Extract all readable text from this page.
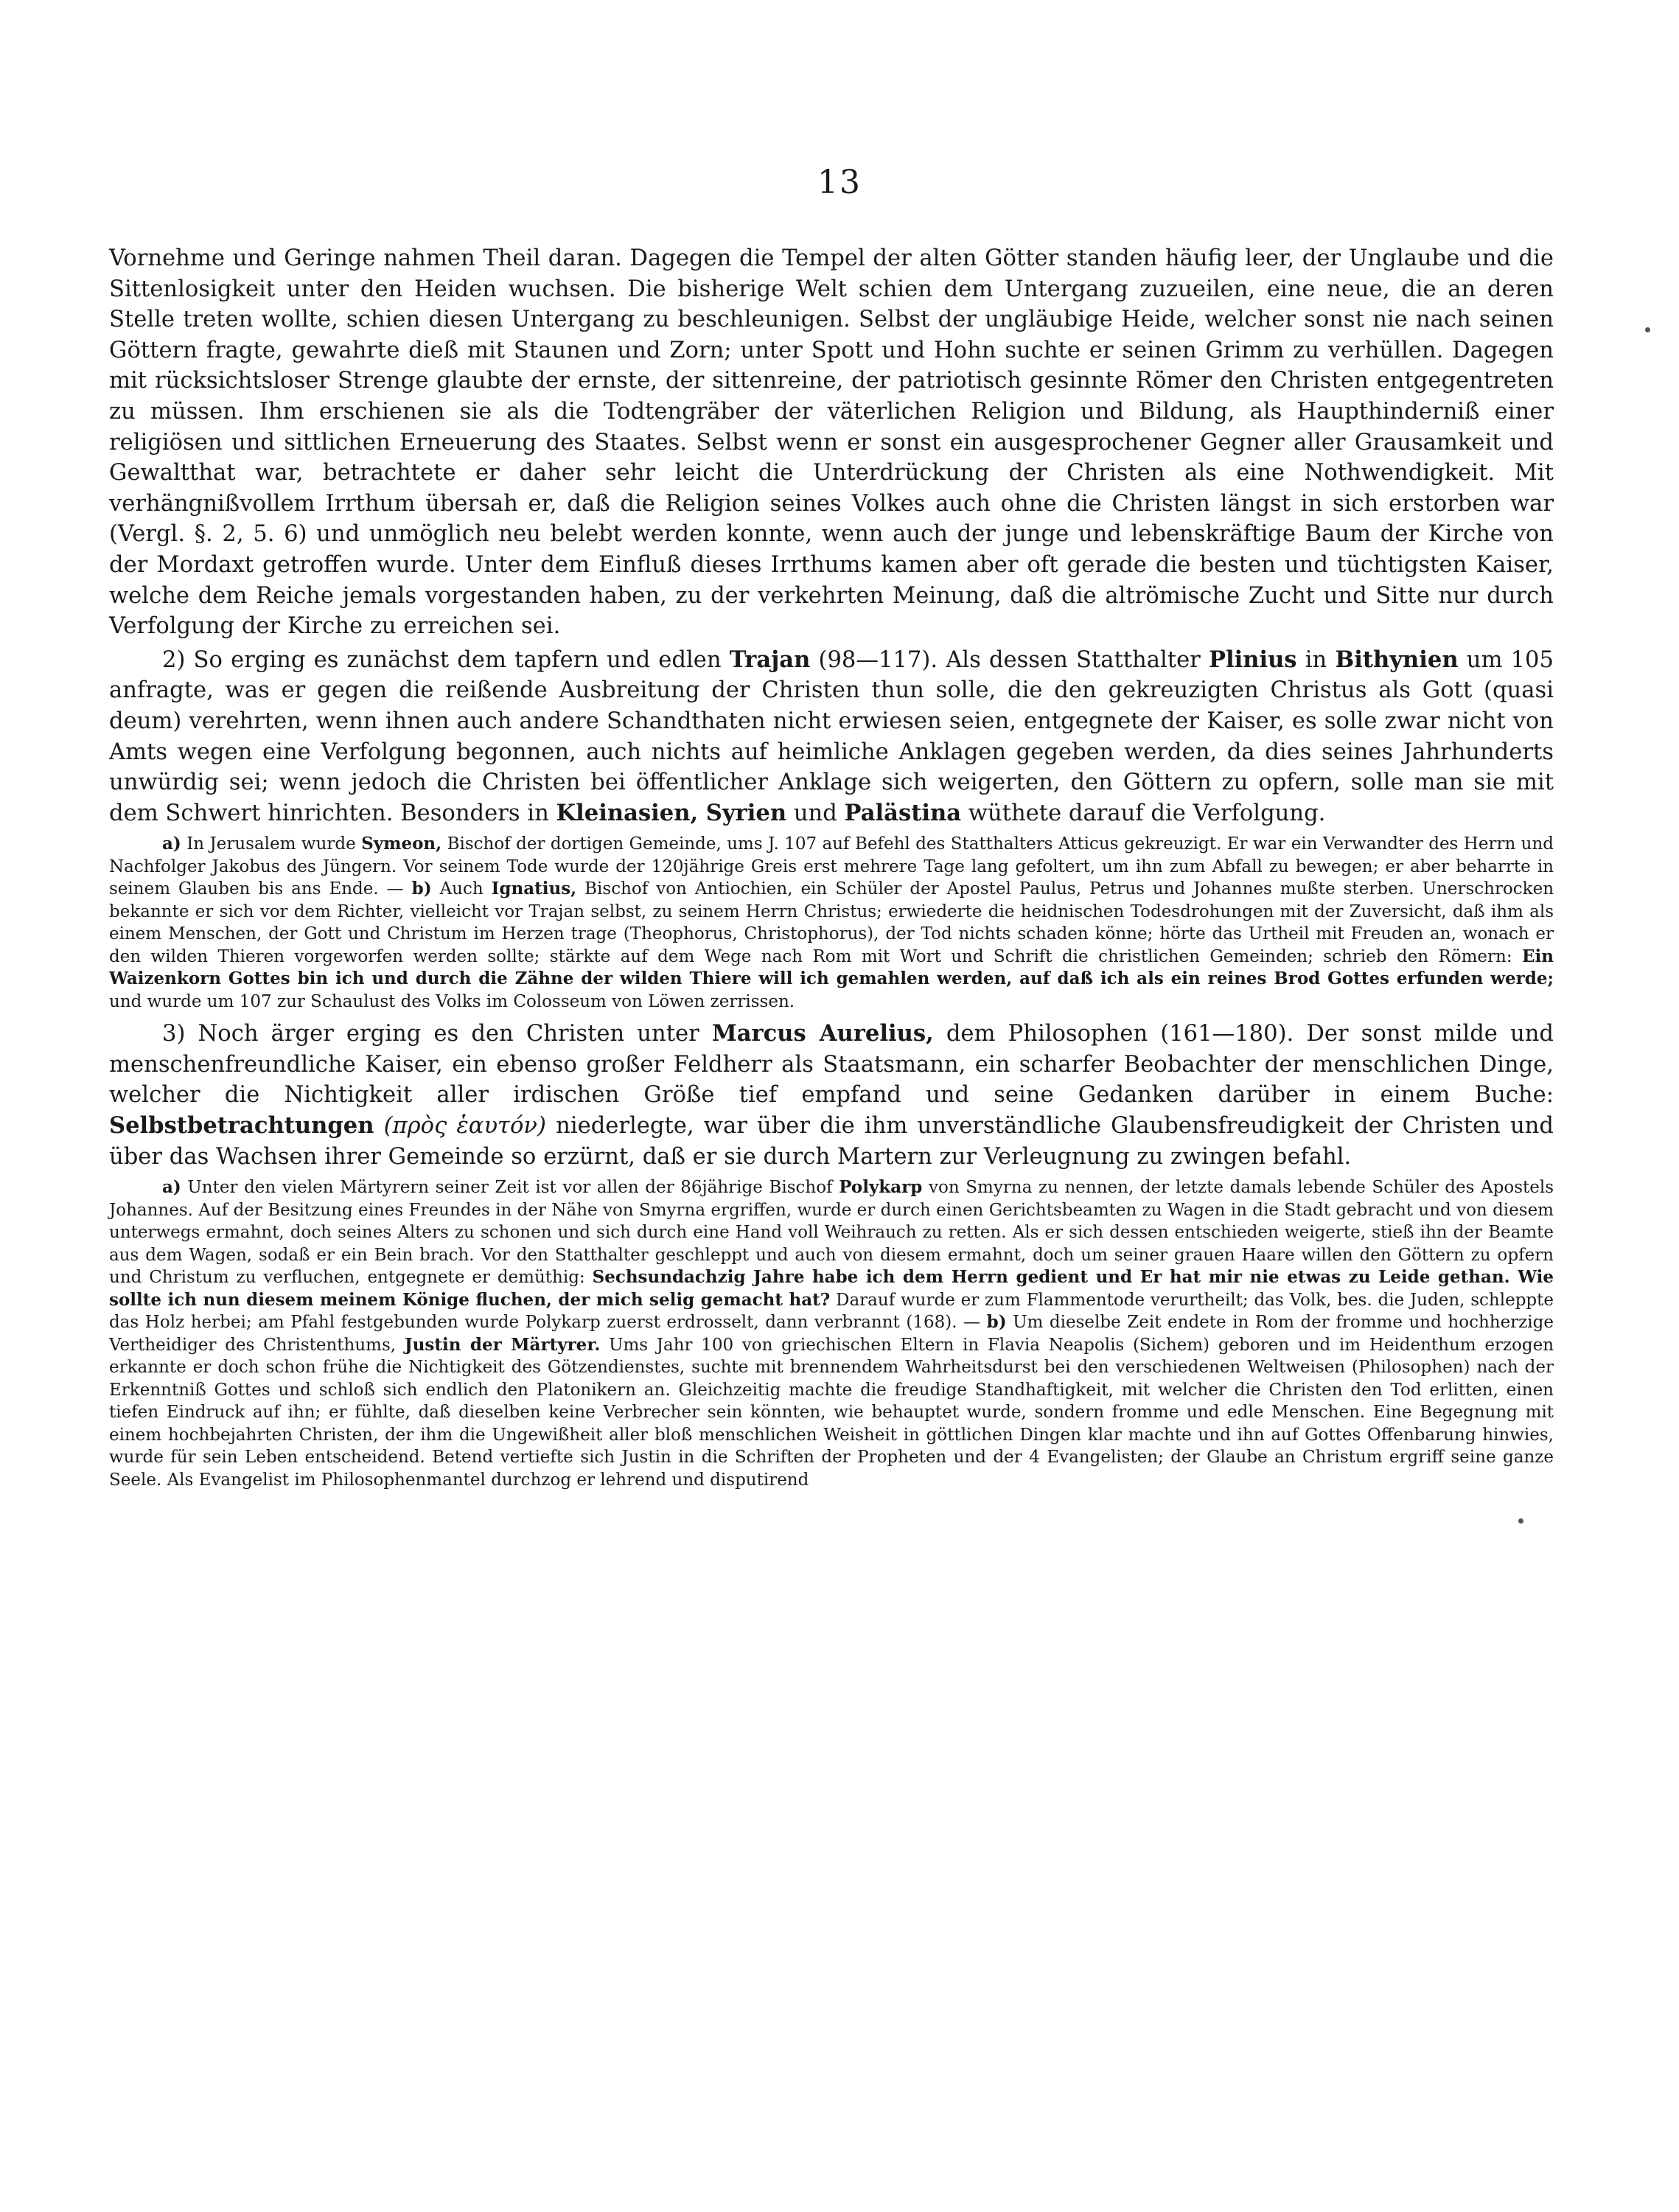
13

Vornehme und Geringe nahmen Theil daran. Dagegen die Tempel der alten Götter standen häufig leer, der Unglaube und die Sittenlosigkeit unter den Heiden wuchsen. Die bisherige Welt schien dem Untergang zuzueilen, eine neue, die an deren Stelle treten wollte, schien diesen Untergang zu beschleunigen. Selbst der ungläubige Heide, welcher sonst nie nach seinen Göttern fragte, gewahrte dieß mit Staunen und Zorn; unter Spott und Hohn suchte er seinen Grimm zu verhüllen. Dagegen mit rücksichtsloser Strenge glaubte der ernste, der sittenreine, der patriotisch gesinnte Römer den Christen entgegentreten zu müssen. Ihm erschienen sie als die Todtengräber der väterlichen Religion und Bildung, als Haupthinderniß einer religiösen und sittlichen Erneuerung des Staates. Selbst wenn er sonst ein ausgesprochener Gegner aller Grausamkeit und Gewaltthat war, betrachtete er daher sehr leicht die Unterdrückung der Christen als eine Nothwendigkeit. Mit verhängnißvollem Irrthum übersah er, daß die Religion seines Volkes auch ohne die Christen längst in sich erstorben war (Vergl. §. 2, 5. 6) und unmöglich neu belebt werden konnte, wenn auch der junge und lebenskräftige Baum der Kirche von der Mordaxt getroffen wurde. Unter dem Einfluß dieses Irrthums kamen aber oft gerade die besten und tüchtigsten Kaiser, welche dem Reiche jemals vorgestanden haben, zu der verkehrten Meinung, daß die altrömische Zucht und Sitte nur durch Verfolgung der Kirche zu erreichen sei.

2) So erging es zunächst dem tapfern und edlen Trajan (98—117). Als dessen Statthalter Plinius in Bithynien um 105 anfragte, was er gegen die reißende Ausbreitung der Christen thun solle, die den gekreuzigten Christus als Gott (quasi deum) verehrten, wenn ihnen auch andere Schandthaten nicht erwiesen seien, entgegnete der Kaiser, es solle zwar nicht von Amts wegen eine Verfolgung begonnen, auch nichts auf heimliche Anklagen gegeben werden, da dies seines Jahrhunderts unwürdig sei; wenn jedoch die Christen bei öffentlicher Anklage sich weigerten, den Göttern zu opfern, solle man sie mit dem Schwert hinrichten. Besonders in Kleinasien, Syrien und Palästina wüthete darauf die Verfolgung.

a) In Jerusalem wurde Symeon, Bischof der dortigen Gemeinde, ums J. 107 auf Befehl des Statthalters Atticus gekreuzigt. Er war ein Verwandter des Herrn und Nachfolger Jakobus des Jüngern. Vor seinem Tode wurde der 120jährige Greis erst mehrere Tage lang gefoltert, um ihn zum Abfall zu bewegen; er aber beharrte in seinem Glauben bis ans Ende. — b) Auch Ignatius, Bischof von Antiochien, ein Schüler der Apostel Paulus, Petrus und Johannes mußte sterben. Unerschrocken bekannte er sich vor dem Richter, vielleicht vor Trajan selbst, zu seinem Herrn Christus; erwiederte die heidnischen Todesdrohungen mit der Zuversicht, daß ihm als einem Menschen, der Gott und Christum im Herzen trage (Theophorus, Christophorus), der Tod nichts schaden könne; hörte das Urtheil mit Freuden an, wonach er den wilden Thieren vorgeworfen werden sollte; stärkte auf dem Wege nach Rom mit Wort und Schrift die christlichen Gemeinden; schrieb den Römern: Ein Waizenkorn Gottes bin ich und durch die Zähne der wilden Thiere will ich gemahlen werden, auf daß ich als ein reines Brod Gottes erfunden werde; und wurde um 107 zur Schaulust des Volks im Colosseum von Löwen zerrissen.

3) Noch ärger erging es den Christen unter Marcus Aurelius, dem Philosophen (161—180). Der sonst milde und menschenfreundliche Kaiser, ein ebenso großer Feldherr als Staatsmann, ein scharfer Beobachter der menschlichen Dinge, welcher die Nichtigkeit aller irdischen Größe tief empfand und seine Gedanken darüber in einem Buche: Selbstbetrachtungen (πρὸς ἑαυτόν) niederlegte, war über die ihm unverständliche Glaubensfreudigkeit der Christen und über das Wachsen ihrer Gemeinde so erzürnt, daß er sie durch Martern zur Verleugnung zu zwingen befahl.

a) Unter den vielen Märtyrern seiner Zeit ist vor allen der 86jährige Bischof Polykarp von Smyrna zu nennen, der letzte damals lebende Schüler des Apostels Johannes. Auf der Besitzung eines Freundes in der Nähe von Smyrna ergriffen, wurde er durch einen Gerichtsbeamten zu Wagen in die Stadt gebracht und von diesem unterwegs ermahnt, doch seines Alters zu schonen und sich durch eine Hand voll Weihrauch zu retten. Als er sich dessen entschieden weigerte, stieß ihn der Beamte aus dem Wagen, sodaß er ein Bein brach. Vor den Statthalter geschleppt und auch von diesem ermahnt, doch um seiner grauen Haare willen den Göttern zu opfern und Christum zu verfluchen, entgegnete er demüthig: Sechsundachzig Jahre habe ich dem Herrn gedient und Er hat mir nie etwas zu Leide gethan. Wie sollte ich nun diesem meinem Könige fluchen, der mich selig gemacht hat? Darauf wurde er zum Flammentode verurtheilt; das Volk, bes. die Juden, schleppte das Holz herbei; am Pfahl festgebunden wurde Polykarp zuerst erdrosselt, dann verbrannt (168). — b) Um dieselbe Zeit endete in Rom der fromme und hochherzige Vertheidiger des Christenthums, Justin der Märtyrer. Ums Jahr 100 von griechischen Eltern in Flavia Neapolis (Sichem) geboren und im Heidenthum erzogen erkannte er doch schon frühe die Nichtigkeit des Götzendienstes, suchte mit brennendem Wahrheitsdurst bei den verschiedenen Weltweisen (Philosophen) nach der Erkenntniß Gottes und schloß sich endlich den Platonikern an. Gleichzeitig machte die freudige Standhaftigkeit, mit welcher die Christen den Tod erlitten, einen tiefen Eindruck auf ihn; er fühlte, daß dieselben keine Verbrecher sein könnten, wie behauptet wurde, sondern fromme und edle Menschen. Eine Begegnung mit einem hochbejahrten Christen, der ihm die Ungewißheit aller bloß menschlichen Weisheit in göttlichen Dingen klar machte und ihn auf Gottes Offenbarung hinwies, wurde für sein Leben entscheidend. Betend vertiefte sich Justin in die Schriften der Propheten und der 4 Evangelisten; der Glaube an Christum ergriff seine ganze Seele. Als Evangelist im Philosophenmantel durchzog er lehrend und disputirend
